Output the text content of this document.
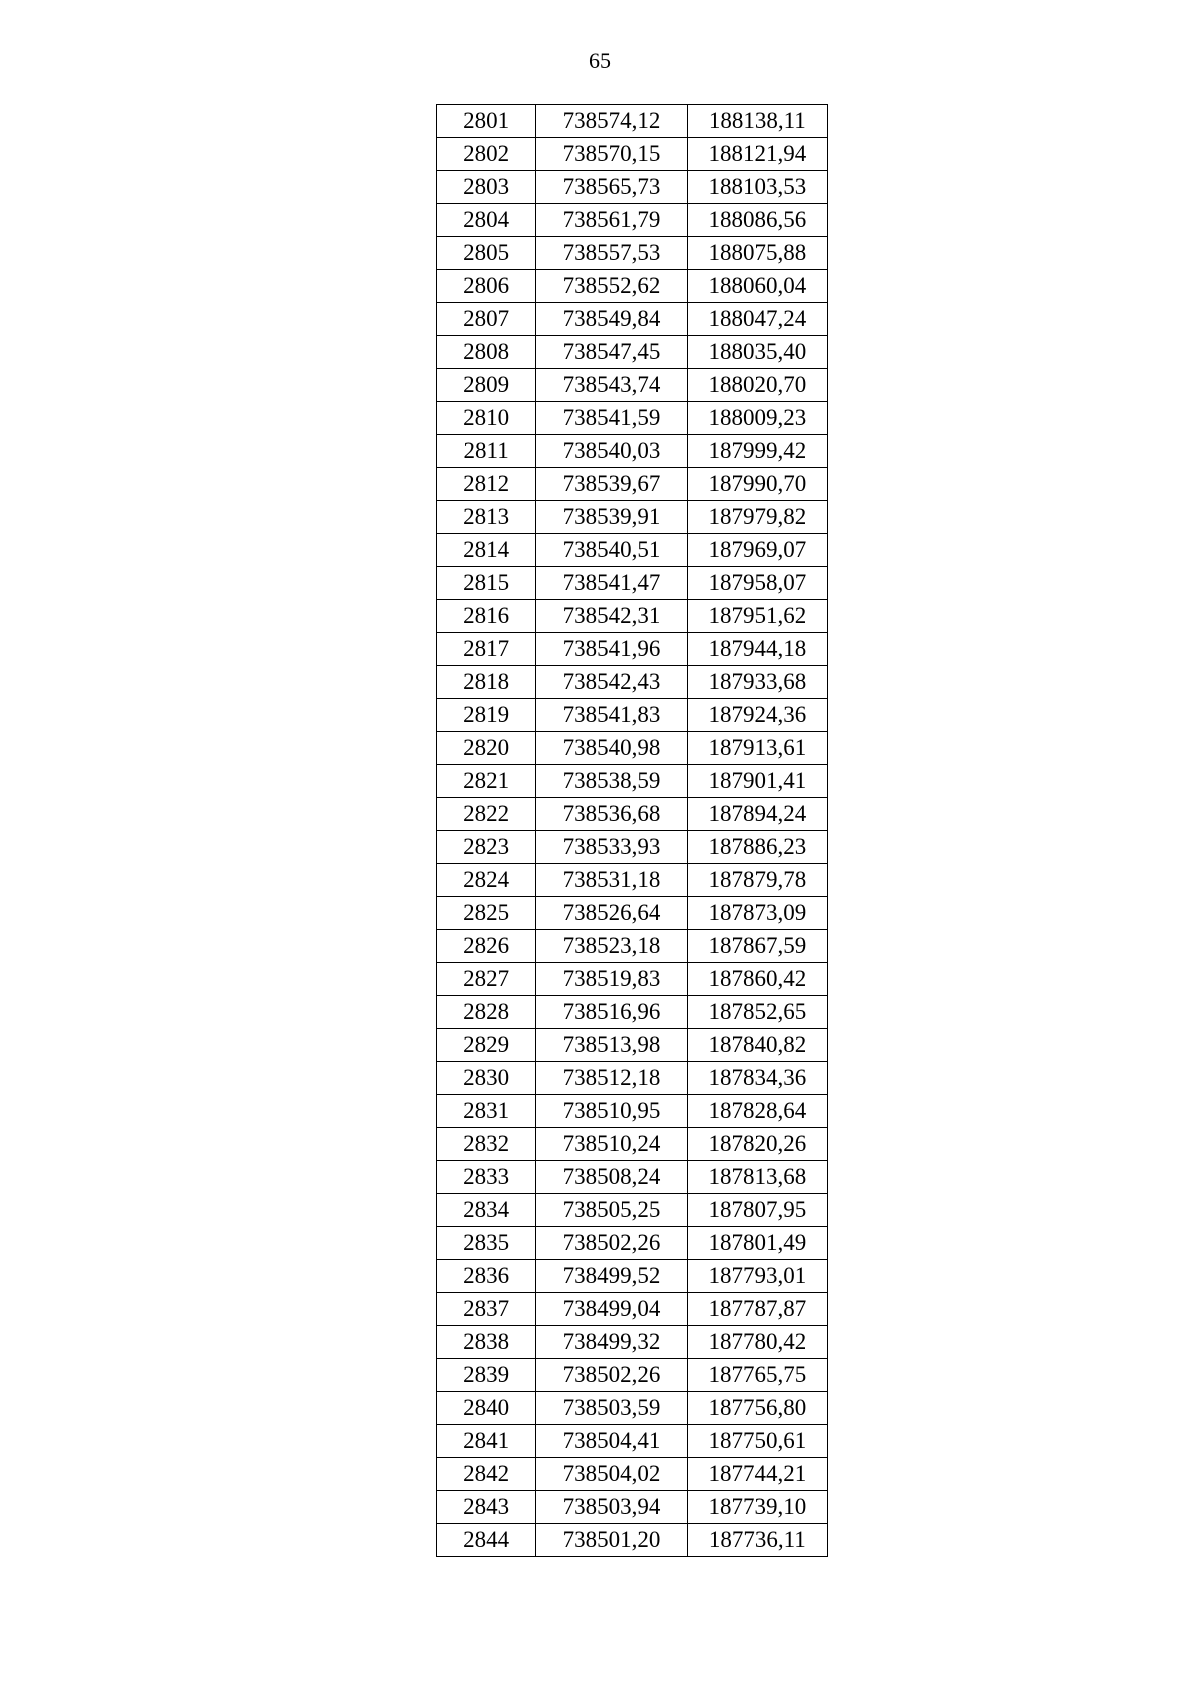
65
2801	738574,12	188138,11
2802	738570,15	188121,94
2803	738565,73	188103,53
2804	738561,79	188086,56
2805	738557,53	188075,88
2806	738552,62	188060,04
2807	738549,84	188047,24
2808	738547,45	188035,40
2809	738543,74	188020,70
2810	738541,59	188009,23
2811	738540,03	187999,42
2812	738539,67	187990,70
2813	738539,91	187979,82
2814	738540,51	187969,07
2815	738541,47	187958,07
2816	738542,31	187951,62
2817	738541,96	187944,18
2818	738542,43	187933,68
2819	738541,83	187924,36
2820	738540,98	187913,61
2821	738538,59	187901,41
2822	738536,68	187894,24
2823	738533,93	187886,23
2824	738531,18	187879,78
2825	738526,64	187873,09
2826	738523,18	187867,59
2827	738519,83	187860,42
2828	738516,96	187852,65
2829	738513,98	187840,82
2830	738512,18	187834,36
2831	738510,95	187828,64
2832	738510,24	187820,26
2833	738508,24	187813,68
2834	738505,25	187807,95
2835	738502,26	187801,49
2836	738499,52	187793,01
2837	738499,04	187787,87
2838	738499,32	187780,42
2839	738502,26	187765,75
2840	738503,59	187756,80
2841	738504,41	187750,61
2842	738504,02	187744,21
2843	738503,94	187739,10
2844	738501,20	187736,11
